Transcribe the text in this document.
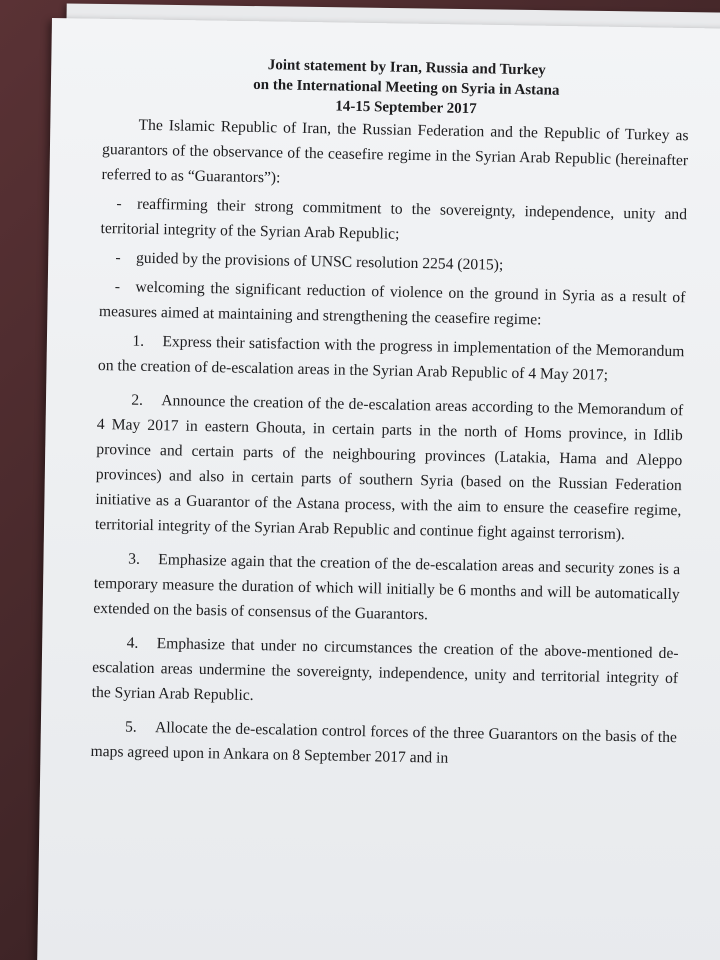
Joint statement by Iran, Russia and Turkey
on the International Meeting on Syria in Astana
14-15 September 2017

The Islamic Republic of Iran, the Russian Federation and the Republic of Turkey as guarantors of the observance of the ceasefire regime in the Syrian Arab Republic (hereinafter referred to as “Guarantors”):

- reaffirming their strong commitment to the sovereignty, independence, unity and territorial integrity of the Syrian Arab Republic;

- guided by the provisions of UNSC resolution 2254 (2015);

- welcoming the significant reduction of violence on the ground in Syria as a result of measures aimed at maintaining and strengthening the ceasefire regime:

1. Express their satisfaction with the progress in implementation of the Memorandum on the creation of de-escalation areas in the Syrian Arab Republic of 4 May 2017;

2. Announce the creation of the de-escalation areas according to the Memorandum of 4 May 2017 in eastern Ghouta, in certain parts in the north of Homs province, in Idlib province and certain parts of the neighbouring provinces (Latakia, Hama and Aleppo provinces) and also in certain parts of southern Syria (based on the Russian Federation initiative as a Guarantor of the Astana process, with the aim to ensure the ceasefire regime, territorial integrity of the Syrian Arab Republic and continue fight against terrorism).

3. Emphasize again that the creation of the de-escalation areas and security zones is a temporary measure the duration of which will initially be 6 months and will be automatically extended on the basis of consensus of the Guarantors.

4. Emphasize that under no circumstances the creation of the above-mentioned de-escalation areas undermine the sovereignty, independence, unity and territorial integrity of the Syrian Arab Republic.

5. Allocate the de-escalation control forces of the three Guarantors on the basis of the maps agreed upon in Ankara on 8 September 2017 and in
